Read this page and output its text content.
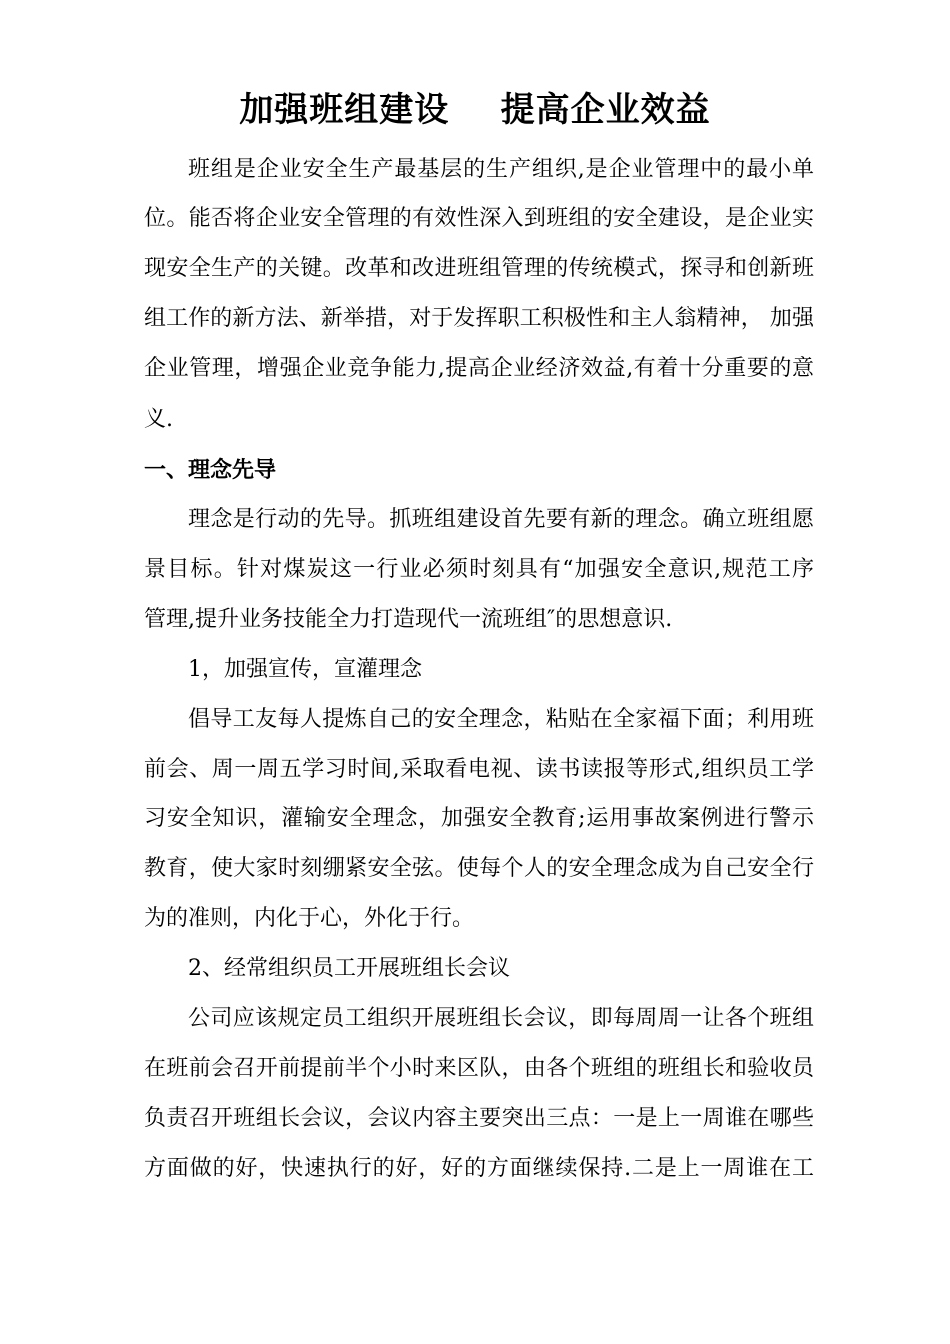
加强班组建设    提高企业效益
班组是企业安全生产最基层的生产组织,是企业管理中的最小单
位。能否将企业安全管理的有效性深入到班组的安全建设，是企业实
现安全生产的关键。改革和改进班组管理的传统模式，探寻和创新班
组工作的新方法、新举措，对于发挥职工积极性和主人翁精神， 加强
企业管理，增强企业竞争能力,提高企业经济效益,有着十分重要的意
义.
一、理念先导
理念是行动的先导。抓班组建设首先要有新的理念。确立班组愿
景目标。针对煤炭这一行业必须时刻具有“加强安全意识,规范工序
管理,提升业务技能全力打造现代一流班组″的思想意识.
1，加强宣传，宣灌理念
倡导工友每人提炼自己的安全理念，粘贴在全家福下面；利用班
前会、周一周五学习时间,采取看电视、读书读报等形式,组织员工学
习安全知识，灌输安全理念，加强安全教育;运用事故案例进行警示
教育，使大家时刻绷紧安全弦。使每个人的安全理念成为自己安全行
为的准则，内化于心，外化于行。
2、经常组织员工开展班组长会议
公司应该规定员工组织开展班组长会议，即每周周一让各个班组
在班前会召开前提前半个小时来区队，由各个班组的班组长和验收员
负责召开班组长会议，会议内容主要突出三点：一是上一周谁在哪些
方面做的好，快速执行的好，好的方面继续保持.二是上一周谁在工
